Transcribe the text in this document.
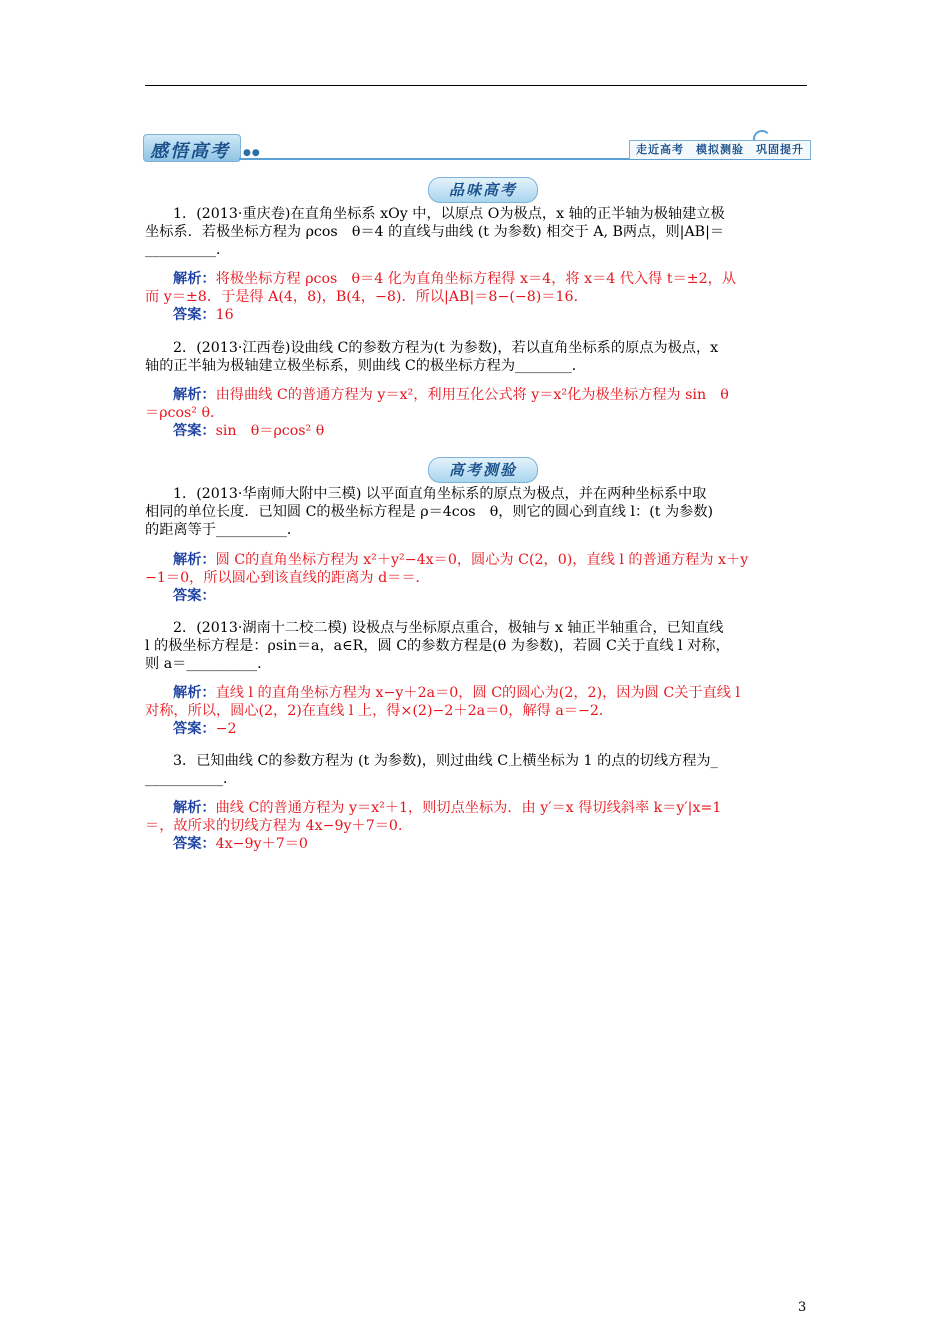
感悟高考 ●●	走近高考　模拟测验　巩固提升
品味高考

1．(2013·重庆卷)在直角坐标系 xOy 中，以原点 O为极点，x 轴的正半轴为极轴建立极

坐标系．若极坐标方程为 ρcos　θ＝4 的直线与曲线 (t 为参数) 相交于 A, B两点，则|AB|＝

__________．

解析：将极坐标方程 ρcos　θ＝4 化为直角坐标方程得 x＝4，将 x＝4 代入得 t＝±2，从

而 y＝±8．于是得 A(4，8)，B(4，−8)．所以|AB|＝8−(−8)＝16．

答案：16

2．(2013·江西卷)设曲线 C的参数方程为(t 为参数)，若以直角坐标系的原点为极点，x

轴的正半轴为极轴建立极坐标系，则曲线 C的极坐标方程为________．

解析：由得曲线 C的普通方程为 y＝x²，利用互化公式将 y＝x²化为极坐标方程为 sin　θ

＝ρcos² θ．

答案：sin　θ＝ρcos² θ

高考测验

1．(2013·华南师大附中三模) 以平面直角坐标系的原点为极点，并在两种坐标系中取

相同的单位长度．已知圆 C的极坐标方程是 ρ＝4cos　θ，则它的圆心到直线 l：(t 为参数)

的距离等于__________．

解析：圆 C的直角坐标方程为 x²＋y²−4x＝0，圆心为 C(2，0)，直线 l 的普通方程为 x＋y

−1＝0，所以圆心到该直线的距离为 d＝＝．

答案：

2．(2013·湖南十二校二模) 设极点与坐标原点重合，极轴与 x 轴正半轴重合，已知直线

l 的极坐标方程是：ρsin＝a，a∈R，圆 C的参数方程是(θ 为参数)，若圆 C关于直线 l 对称，

则 a＝__________．

解析：直线 l 的直角坐标方程为 x−y＋2a＝0，圆 C的圆心为(2，2)，因为圆 C关于直线 l

对称，所以，圆心(2，2)在直线 l 上，得×(2)−2＋2a＝0，解得 a＝−2．

答案：−2

3．已知曲线 C的参数方程为 (t 为参数)，则过曲线 C上横坐标为 1 的点的切线方程为_

___________．

解析：曲线 C的普通方程为 y＝x²＋1，则切点坐标为．由 y′＝x 得切线斜率 k＝y′|x=1

＝，故所求的切线方程为 4x−9y＋7＝0．

答案：4x−9y＋7＝0

3
